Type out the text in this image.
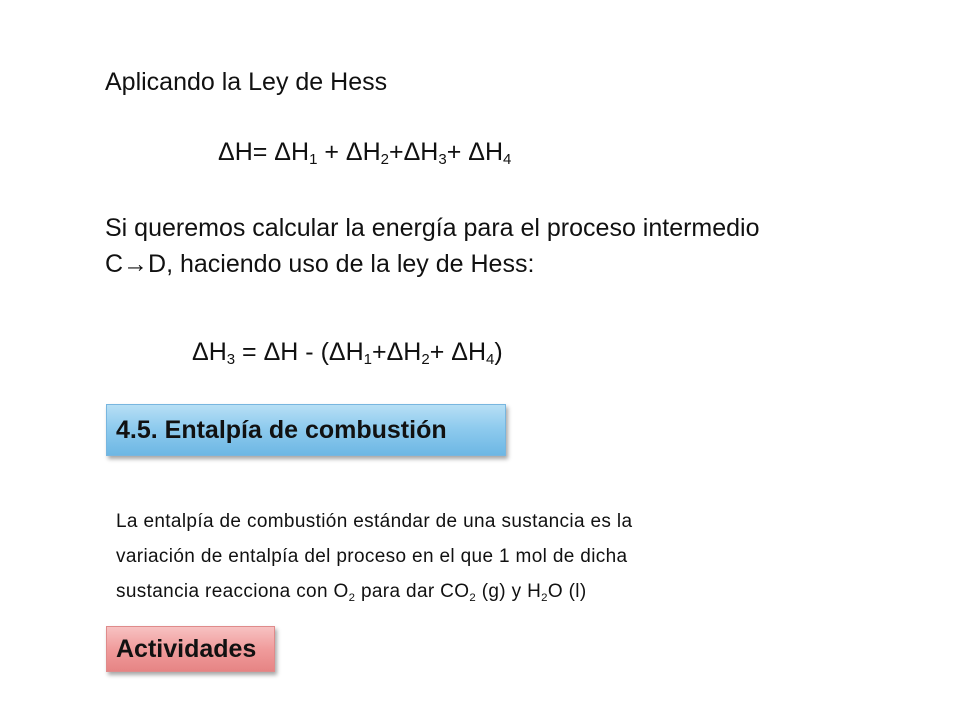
Aplicando la Ley de Hess
$\Delta H= \Delta H_1 + \Delta H_2+\Delta H_3+ \Delta H_4$
Si queremos calcular la energía para el proceso intermedio
C→D, haciendo uso de la ley de Hess:
$\Delta H_3 = \Delta H - (\Delta H_1+\Delta H_2+ \Delta H_4)$
4.5. Entalpía de combustión
La entalpía de combustión estándar de una sustancia es la
variación de entalpía del proceso en el que 1 mol de dicha
sustancia reacciona con $O_2$ para dar $CO_2$ (g) y $H_2O$ (l)
Actividades
